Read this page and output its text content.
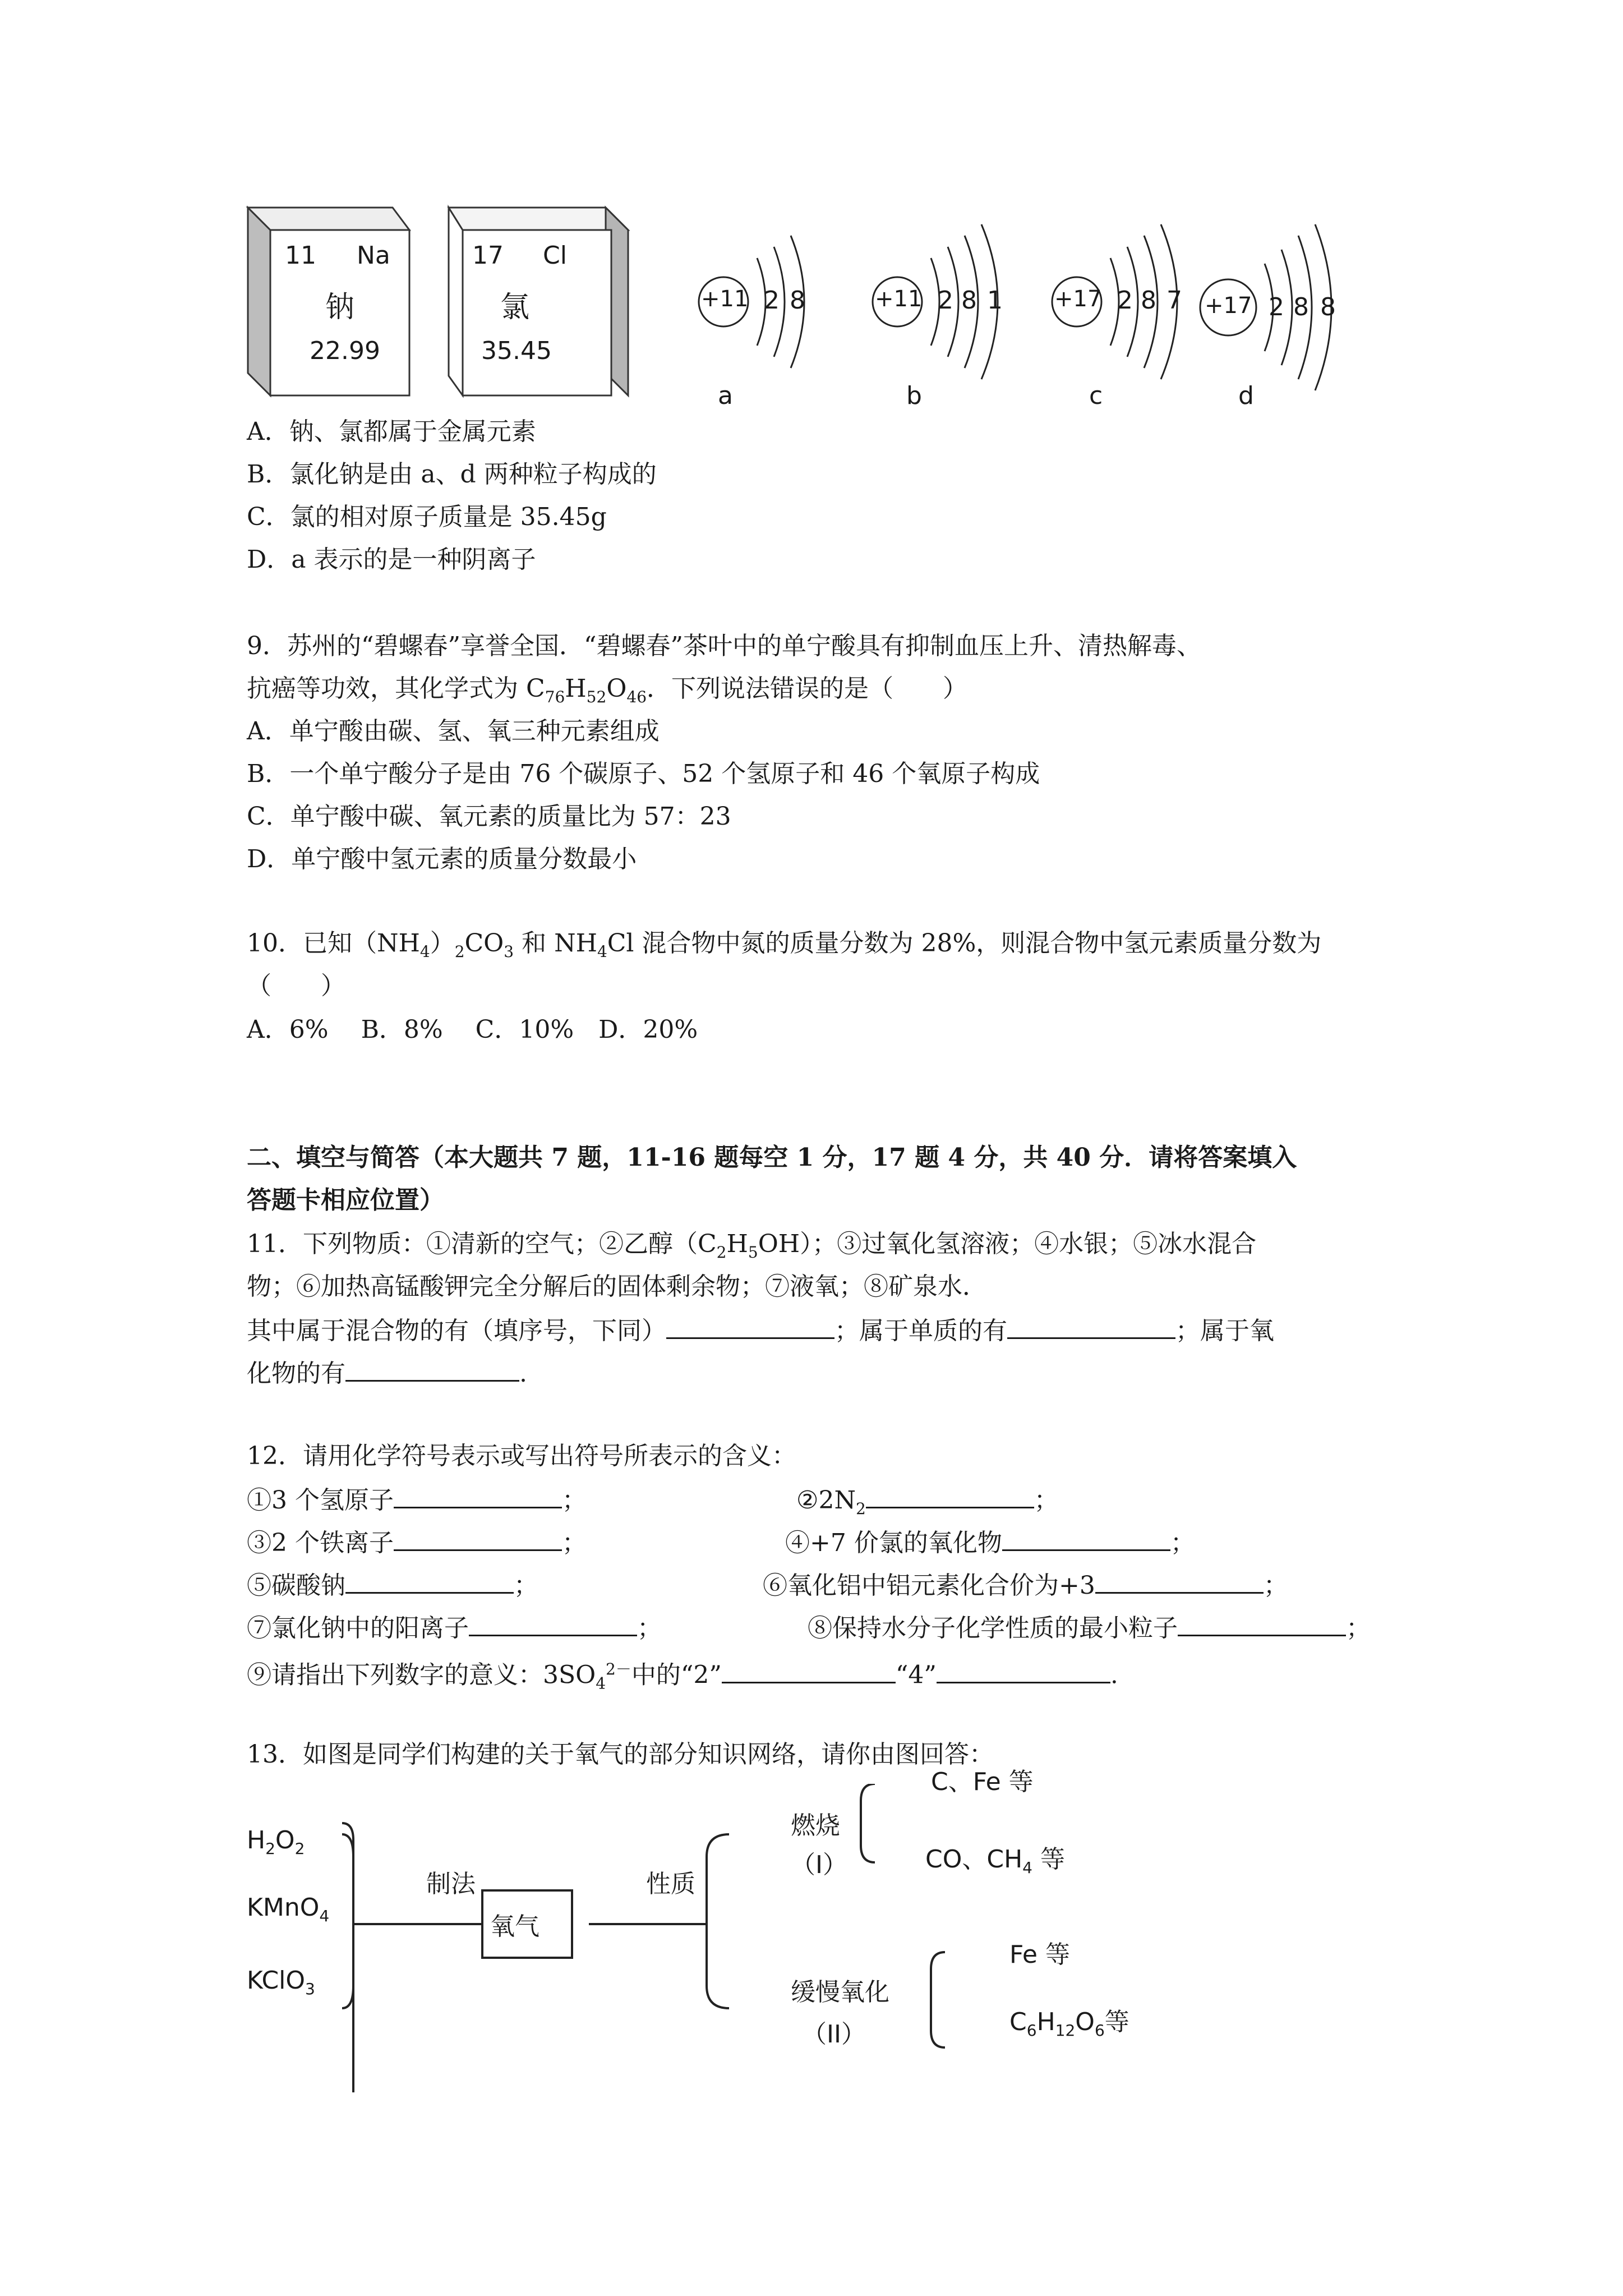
11 Na
钠
22.99
17 Cl
氯
35.45
+11 2 8
a
+11 2 8 1
b
+17 2 8 7
c
+17 2 8 8
d
A．钠、氯都属于金属元素
B．氯化钠是由 a、d 两种粒子构成的
C．氯的相对原子质量是 35.45g
D．a 表示的是一种阴离子
9．苏州的“碧螺春”享誉全国．“碧螺春”茶叶中的单宁酸具有抑制血压上升、清热解毒、
抗癌等功效，其化学式为 $C_{76}H_{52}O_{46}$．下列说法错误的是（　　）
A．单宁酸由碳、氢、氧三种元素组成
B．一个单宁酸分子是由 76 个碳原子、52 个氢原子和 46 个氧原子构成
C．单宁酸中碳、氧元素的质量比为 57：23
D．单宁酸中氢元素的质量分数最小
10．已知$(NH_4)_2CO_3$ 和 $NH_4Cl$ 混合物中氮的质量分数为 28%，则混合物中氢元素质量分数为
（　　）
A．6%　 B．8%　 C．10%　D．20%
二、填空与简答（本大题共 7 题，11-16 题每空 1 分，17 题 4 分，共 40 分．请将答案填入
答题卡相应位置）
11．下列物质：①清新的空气；②乙醇$(C_2H_5OH)$；③过氧化氢溶液；④水银；⑤冰水混合
物；⑥加热高锰酸钾完全分解后的固体剩余物；⑦液氧；⑧矿泉水．
其中属于混合物的有（填序号，下同）	；属于单质的有	；属于氧
化物的有	.
12．请用化学符号表示或写出符号所表示的含义：
①3 个氢原子	；	$②2N_2$	；
③2 个铁离子	；	④+7 价氯的氧化物	；
⑤碳酸钠	；	⑥氧化铝中铝元素化合价为+3	；
⑦氯化钠中的阳离子	；	⑧保持水分子化学性质的最小粒子	；
⑨请指出下列数字的意义：$3SO_4^{2-}$中的“2”	“4”	.
13．如图是同学们构建的关于氧气的部分知识网络，请你由图回答：
$H_2O_2$
KMnO$_4$
KClO$_3$
制法
氧气
性质
燃烧
（I）
C、Fe 等
CO、$CH_4$ 等
缓慢氧化
（II）
Fe 等
$C_6H_{12}O_6$等
